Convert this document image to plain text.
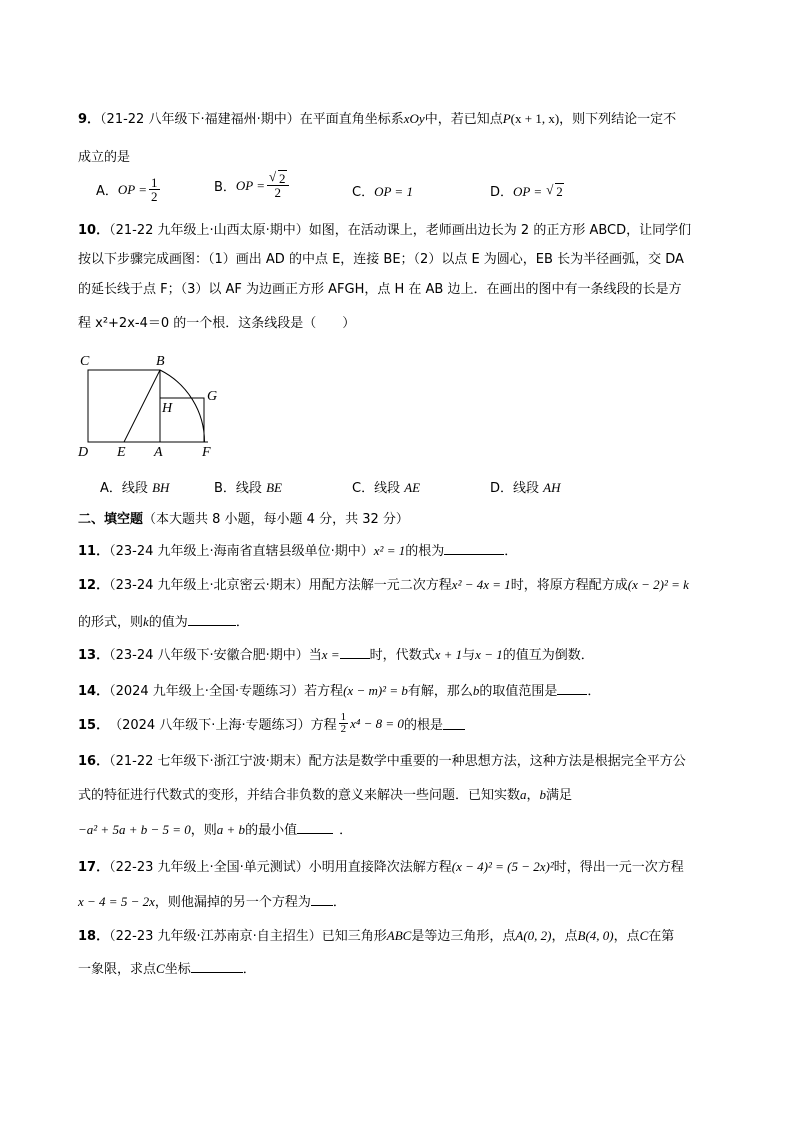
9．（21-22 八年级下·福建福州·期中）在平面直角坐标系xOy中，若已知点P(x + 1, x)，则下列结论一定不
成立的是
A． OP = $\frac{1}{2}$	B． OP = $\frac{√ 2}{2}$	C．OP = 1	D．OP = √ 2
10．（21-22 九年级上·山西太原·期中）如图，在活动课上，老师画出边长为 2 的正方形 ABCD，让同学们
按以下步骤完成画图：（1）画出 AD 的中点 E，连接 BE；（2）以点 E 为圆心，EB 长为半径画弧，交 DA
的延长线于点 F；（3）以 AF 为边画正方形 AFGH，点 H 在 AB 边上．在画出的图中有一条线段的长是方
程 x²+2x-4＝0 的一个根．这条线段是（　　）
C	B
G
H
D E A	F
A．线段 BH	B．线段 BE	C．线段 AE	D．线段 AH
二、填空题（本大题共 8 小题，每小题 4 分，共 32 分）
11．（23-24 九年级上·海南省直辖县级单位·期中）x² = 1的根为	．
12．（23-24 九年级上·北京密云·期末）用配方法解一元二次方程x² − 4x = 1时，将原方程配方成(x − 2)² = k
的形式，则k的值为	．
13．（23-24 八年级下·安徽合肥·期中）当x = 时，代数式x + 1与x − 1的值互为倒数．
14．（2024 九年级上·全国·专题练习）若方程(x − m)² = b有解，那么b的取值范围是 ．
15． （2024 八年级下·上海·专题练习） 方程 $\frac{1}{2} x^4 - 8 = 0$ 的根是
16．（21-22 七年级下·浙江宁波·期末）配方法是数学中重要的一种思想方法，这种方法是根据完全平方公
式的特征进行代数式的变形，并结合非负数的意义来解决一些问题．已知实数a，b满足
−a² + 5a + b − 5 = 0，则a + b的最小值	．
17．（22-23 九年级上·全国·单元测试）小明用直接降次法解方程(x − 4)² = (5 − 2x)²时，得出一元一次方程
x − 4 = 5 − 2x，则他漏掉的另一个方程为 ．
18．（22-23 九年级·江苏南京·自主招生）已知三角形ABC是等边三角形，点A(0, 2)，点B(4, 0)，点C在第
一象限，求点C坐标	．
